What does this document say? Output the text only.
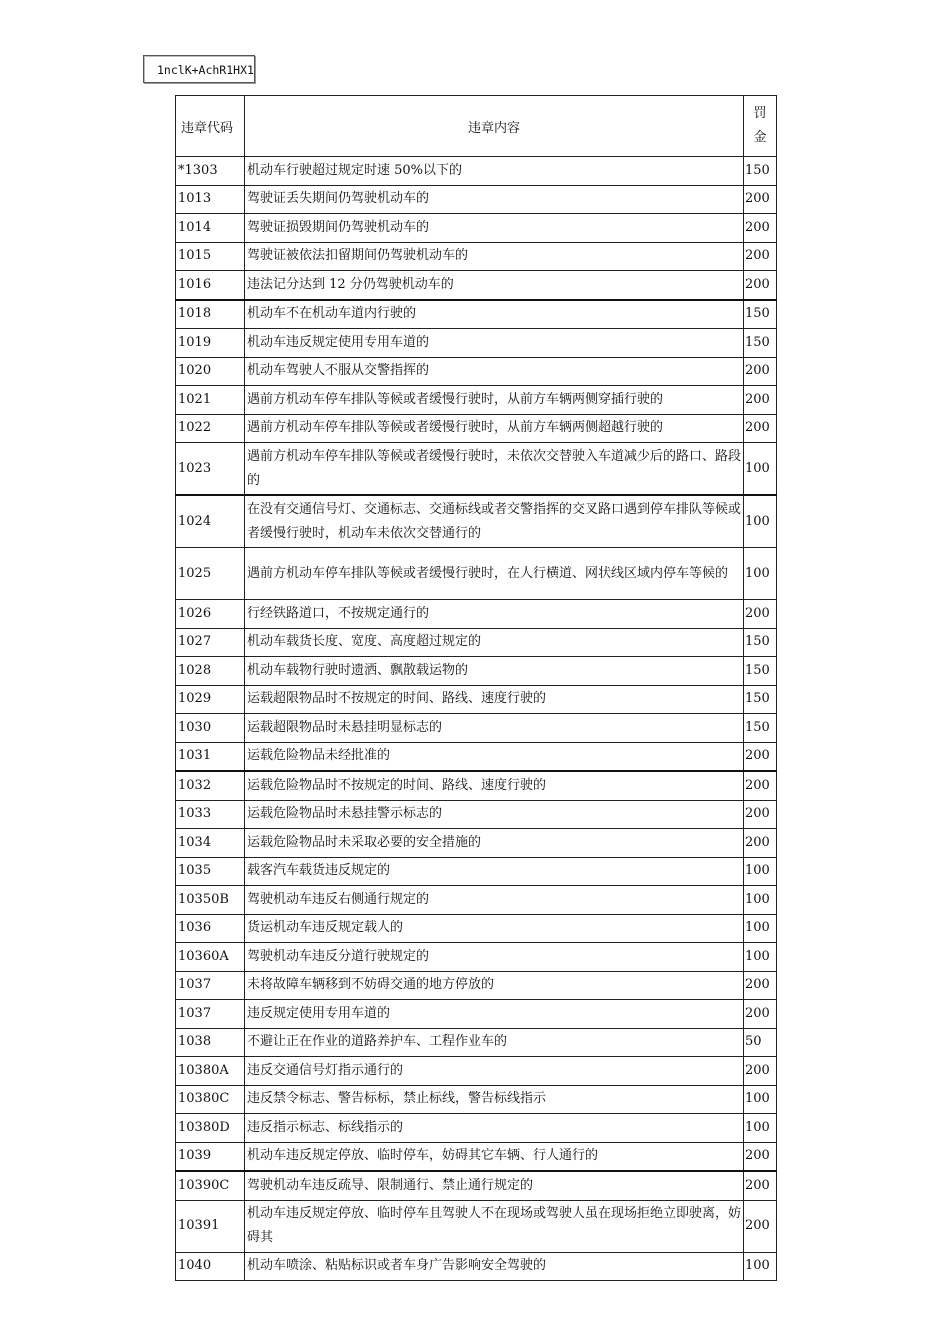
1nclK+AchR1HX1
违章代码	违章内容	罚
金
*1303	机动车行驶超过规定时速 50%以下的	150
1013	驾驶证丢失期间仍驾驶机动车的	200
1014	驾驶证损毁期间仍驾驶机动车的	200
1015	驾驶证被依法扣留期间仍驾驶机动车的	200
1016	违法记分达到 12 分仍驾驶机动车的	200
1018	机动车不在机动车道内行驶的	150
1019	机动车违反规定使用专用车道的	150
1020	机动车驾驶人不服从交警指挥的	200
1021	遇前方机动车停车排队等候或者缓慢行驶时，从前方车辆两侧穿插行驶的	200
1022	遇前方机动车停车排队等候或者缓慢行驶时，从前方车辆两侧超越行驶的	200
1023	遇前方机动车停车排队等候或者缓慢行驶时，未依次交替驶入车道减少后的路口、路段的	100
1024	在没有交通信号灯、交通标志、交通标线或者交警指挥的交叉路口遇到停车排队等候或者缓慢行驶时，机动车未依次交替通行的	100
1025	遇前方机动车停车排队等候或者缓慢行驶时，在人行横道、网状线区域内停车等候的	100
1026	行经铁路道口，不按规定通行的	200
1027	机动车载货长度、宽度、高度超过规定的	150
1028	机动车载物行驶时遗洒、飘散载运物的	150
1029	运载超限物品时不按规定的时间、路线、速度行驶的	150
1030	运载超限物品时未悬挂明显标志的	150
1031	运载危险物品未经批准的	200
1032	运载危险物品时不按规定的时间、路线、速度行驶的	200
1033	运载危险物品时未悬挂警示标志的	200
1034	运载危险物品时未采取必要的安全措施的	200
1035	载客汽车载货违反规定的	100
10350B	驾驶机动车违反右侧通行规定的	100
1036	货运机动车违反规定载人的	100
10360A	驾驶机动车违反分道行驶规定的	100
1037	未将故障车辆移到不妨碍交通的地方停放的	200
1037	违反规定使用专用车道的	200
1038	不避让正在作业的道路养护车、工程作业车的	50
10380A	违反交通信号灯指示通行的	200
10380C	违反禁令标志、警告标标，禁止标线，警告标线指示	100
10380D	违反指示标志、标线指示的	100
1039	机动车违反规定停放、临时停车，妨碍其它车辆、行人通行的	200
10390C	驾驶机动车违反疏导、限制通行、禁止通行规定的	200
10391	机动车违反规定停放、临时停车且驾驶人不在现场或驾驶人虽在现场拒绝立即驶离，妨碍其	200
1040	机动车喷涂、粘贴标识或者车身广告影响安全驾驶的	100
